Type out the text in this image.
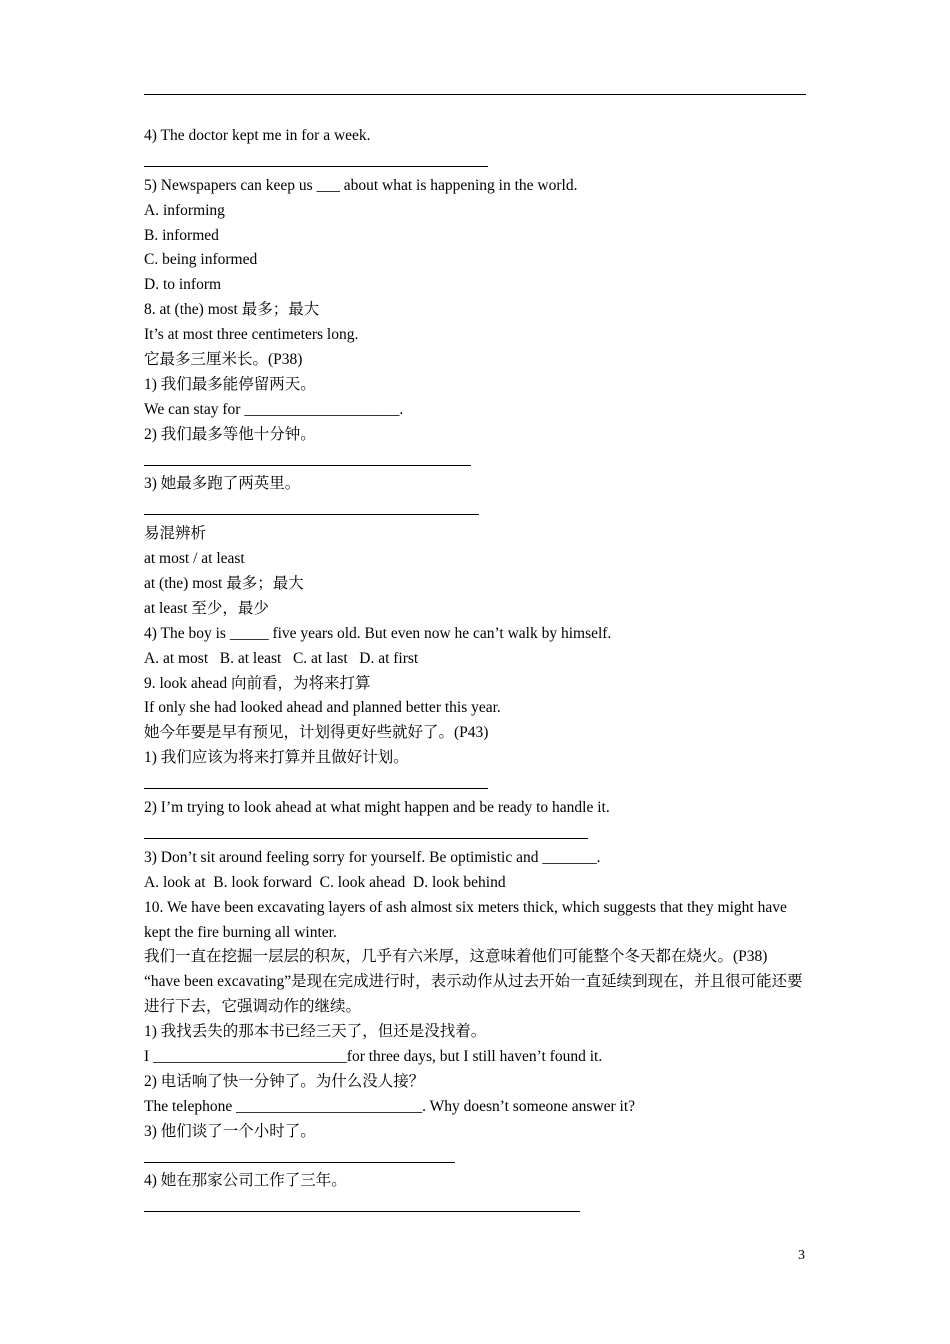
4) The doctor kept me in for a week.
5) Newspapers can keep us ___ about what is happening in the world.
A. informing
B. informed
C. being informed
D. to inform
8. at (the) most 最多；最大
It’s at most three centimeters long.
它最多三厘米长。(P38)
1) 我们最多能停留两天。
We can stay for ____________________.
2) 我们最多等他十分钟。
3) 她最多跑了两英里。
易混辨析
at most / at least
at (the) most 最多；最大
at least 至少，最少
4) The boy is _____ five years old. But even now he can’t walk by himself.
A. at most   B. at least   C. at last   D. at first
9. look ahead 向前看，为将来打算
If only she had looked ahead and planned better this year.
她今年要是早有预见，计划得更好些就好了。(P43)
1) 我们应该为将来打算并且做好计划。
2) I’m trying to look ahead at what might happen and be ready to handle it.
3) Don’t sit around feeling sorry for yourself. Be optimistic and _______.
A. look at  B. look forward  C. look ahead  D. look behind
10. We have been excavating layers of ash almost six meters thick, which suggests that they might have kept the fire burning all winter.
我们一直在挖掘一层层的积灰，几乎有六米厚，这意味着他们可能整个冬天都在烧火。(P38)
“have been excavating”是现在完成进行时，表示动作从过去开始一直延续到现在，并且很可能还要进行下去，它强调动作的继续。
1) 我找丢失的那本书已经三天了，但还是没找着。
I _________________________for three days, but I still haven’t found it.
2) 电话响了快一分钟了。为什么没人接？
The telephone ________________________. Why doesn’t someone answer it?
3) 他们谈了一个小时了。
4) 她在那家公司工作了三年。
3
